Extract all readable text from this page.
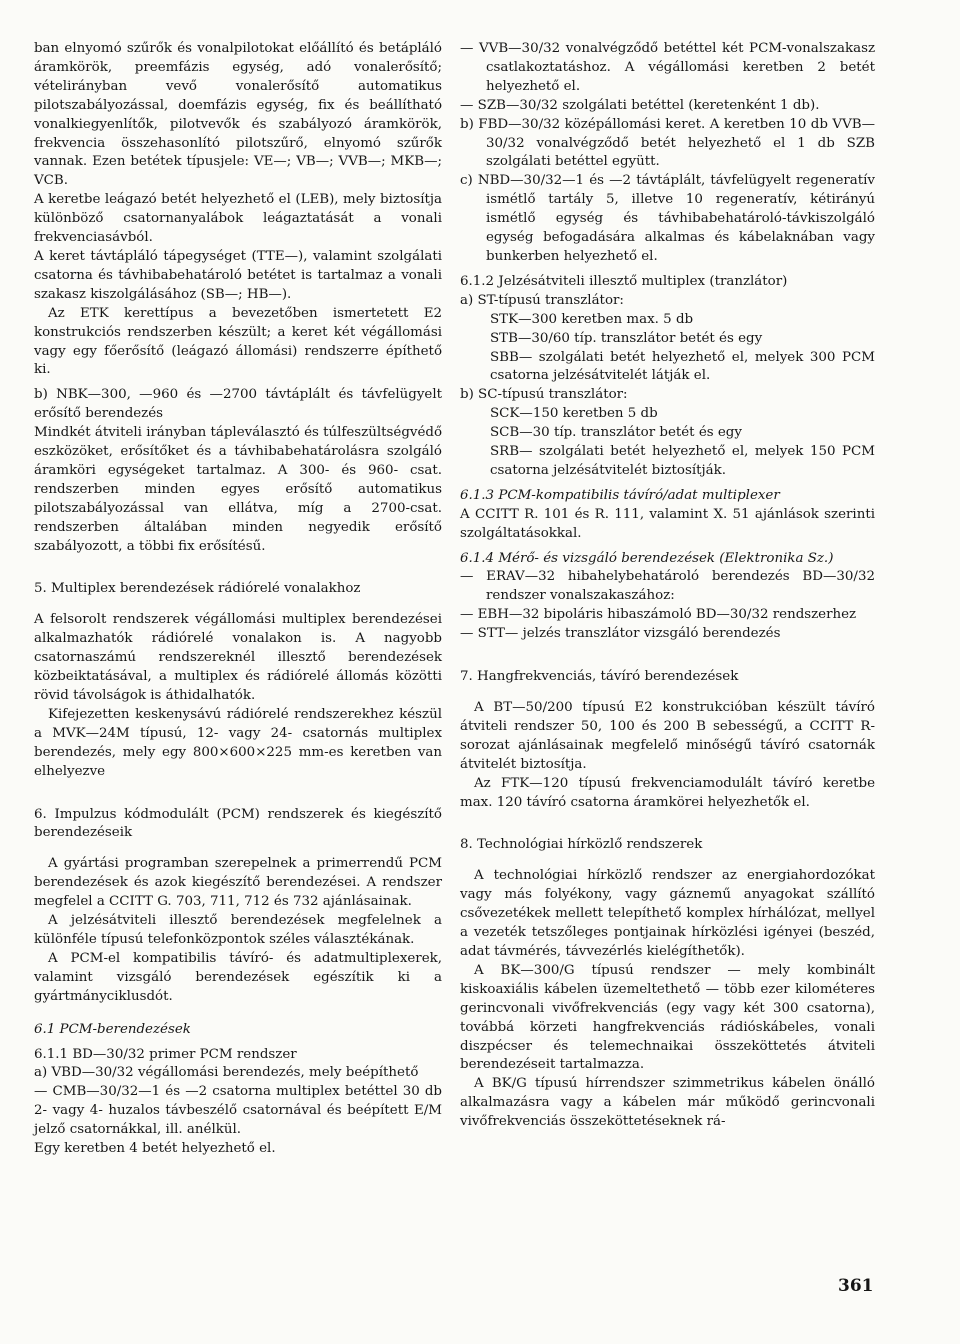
ban elnyomó szűrők és vonalpilotokat előállító és betápláló áramkörök, preemfázis egység, adó vonalerősítő; vételirányban vevő vonalerősítő automatikus pilotszabályozással, doemfázis egység, fix és beállítható vonalkiegyenlítők, pilotvevők és szabályozó áramkörök, frekvencia összehasonlító pilotszűrő, elnyomó szűrők vannak. Ezen betétek típusjele: VE—; VB—; VVB—; MKB—; VCB.

A keretbe leágazó betét helyezhető el (LEB), mely biztosítja különböző csatornanyalábok leágaztatását a vonali frekvenciasávból.

A keret távtápláló tápegységet (TTE—), valamint szolgálati csatorna és távhibabehatároló betétet is tartalmaz a vonali szakasz kiszolgálásához (SB—; HB—).

Az ETK kerettípus a bevezetőben ismertetett E2 konstrukciós rendszerben készült; a keret két végállomási vagy egy főerősítő (leágazó állomási) rendszerre építhető ki.

b) NBK—300, —960 és —2700 távtáplált és távfelügyelt erősítő berendezés

Mindkét átviteli irányban tápleválasztó és túlfeszültségvédő eszközöket, erősítőket és a távhibabehatárolásra szolgáló áramköri egységeket tartalmaz. A 300- és 960- csat. rendszerben minden egyes erősítő automatikus pilotszabályozással van ellátva, míg a 2700-csat. rendszerben általában minden negyedik erősítő szabályozott, a többi fix erősítésű.

5. Multiplex berendezések rádiórelé vonalakhoz

A felsorolt rendszerek végállomási multiplex berendezései alkalmazhatók rádiórelé vonalakon is. A nagyobb csatornaszámú rendszereknél illesztő berendezések közbeiktatásával, a multiplex és rádiórelé állomás közötti rövid távolságok is áthidalhatók.

Kifejezetten keskenysávú rádiórelé rendszerekhez készül a MVK—24M típusú, 12- vagy 24- csatornás multiplex berendezés, mely egy 800×600×225 mm-es keretben van elhelyezve

6. Impulzus kódmodulált (PCM) rendszerek és kiegészítő berendezéseik

A gyártási programban szerepelnek a primerrendű PCM berendezések és azok kiegészítő berendezései. A rendszer megfelel a CCITT G. 703, 711, 712 és 732 ajánlásainak.

A jelzésátviteli illesztő berendezések megfelelnek a különféle típusú telefonközpontok széles választékának.

A PCM-el kompatibilis távíró- és adatmultiplexerek, valamint vizsgáló berendezések egészítik ki a gyártmányciklusdót.

6.1 PCM-berendezések

6.1.1 BD—30/32 primer PCM rendszer

a) VBD—30/32 végállomási berendezés, mely beépíthető

— CMB—30/32—1 és —2 csatorna multiplex betéttel 30 db 2- vagy 4- huzalos távbeszélő csatornával és beépített E/M jelző csatornákkal, ill. anélkül.

Egy keretben 4 betét helyezhető el.

— VVB—30/32 vonalvégződő betéttel két PCM-vonalszakasz csatlakoztatáshoz. A végállomási keretben 2 betét helyezhető el.

— SZB—30/32 szolgálati betéttel (keretenként 1 db).

b) FBD—30/32 középállomási keret. A keretben 10 db VVB—30/32 vonalvégződő betét helyezhető el 1 db SZB szolgálati betéttel együtt.

c) NBD—30/32—1 és —2 távtáplált, távfelügyelt regeneratív ismétlő tartály 5, illetve 10 regeneratív, kétirányú ismétlő egység és távhibabehatároló-távkiszolgáló egység befogadására alkalmas és kábelaknában vagy bunkerben helyezhető el.

6.1.2 Jelzésátviteli illesztő multiplex (tranzlátor)

a) ST-típusú transzlátor:

STK—300 keretben max. 5 db

STB—30/60 típ. transzlátor betét és egy

SBB— szolgálati betét helyezhető el, melyek 300 PCM csatorna jelzésátvitelét látják el.

b) SC-típusú transzlátor:

SCK—150 keretben 5 db

SCB—30 típ. transzlátor betét és egy

SRB— szolgálati betét helyezhető el, melyek 150 PCM csatorna jelzésátvitelét biztosítják.

6.1.3 PCM-kompatibilis távíró/adat multiplexer

A CCITT R. 101 és R. 111, valamint X. 51 ajánlások szerinti szolgáltatásokkal.

6.1.4 Mérő- és vizsgáló berendezések (Elektronika Sz.)

— ERAV—32 hibahelybehatároló berendezés BD—30/32 rendszer vonalszakaszához:

— EBH—32 bipoláris hibaszámoló BD—30/32 rendszerhez

— STT— jelzés transzlátor vizsgáló berendezés

7. Hangfrekvenciás, távíró berendezések

A BT—50/200 típusú E2 konstrukcióban készült távíró átviteli rendszer 50, 100 és 200 B sebességű, a CCITT R-sorozat ajánlásainak megfelelő minőségű távíró csatornák átvitelét biztosítja.

Az FTK—120 típusú frekvenciamodulált távíró keretbe max. 120 távíró csatorna áramkörei helyezhetők el.

8. Technológiai hírközlő rendszerek

A technológiai hírközlő rendszer az energiahordozókat vagy más folyékony, vagy gáznemű anyagokat szállító csővezetékek mellett telepíthető komplex hírhálózat, mellyel a vezeték tetszőleges pontjainak hírközlési igényei (beszéd, adat távmérés, távvezérlés kielégíthetők).

A BK—300/G típusú rendszer — mely kombinált kiskoaxiális kábelen üzemeltethető — több ezer kilométeres gerincvonali vivőfrekvenciás (egy vagy két 300 csatorna), továbbá körzeti hangfrekvenciás rádióskábeles, vonali diszpécser és telemechnaikai összeköttetés átviteli berendezéseit tartalmazza.

A BK/G típusú hírrendszer szimmetrikus kábelen önálló alkalmazásra vagy a kábelen már működő gerincvonali vivőfrekvenciás összeköttetéseknek rá-

361
